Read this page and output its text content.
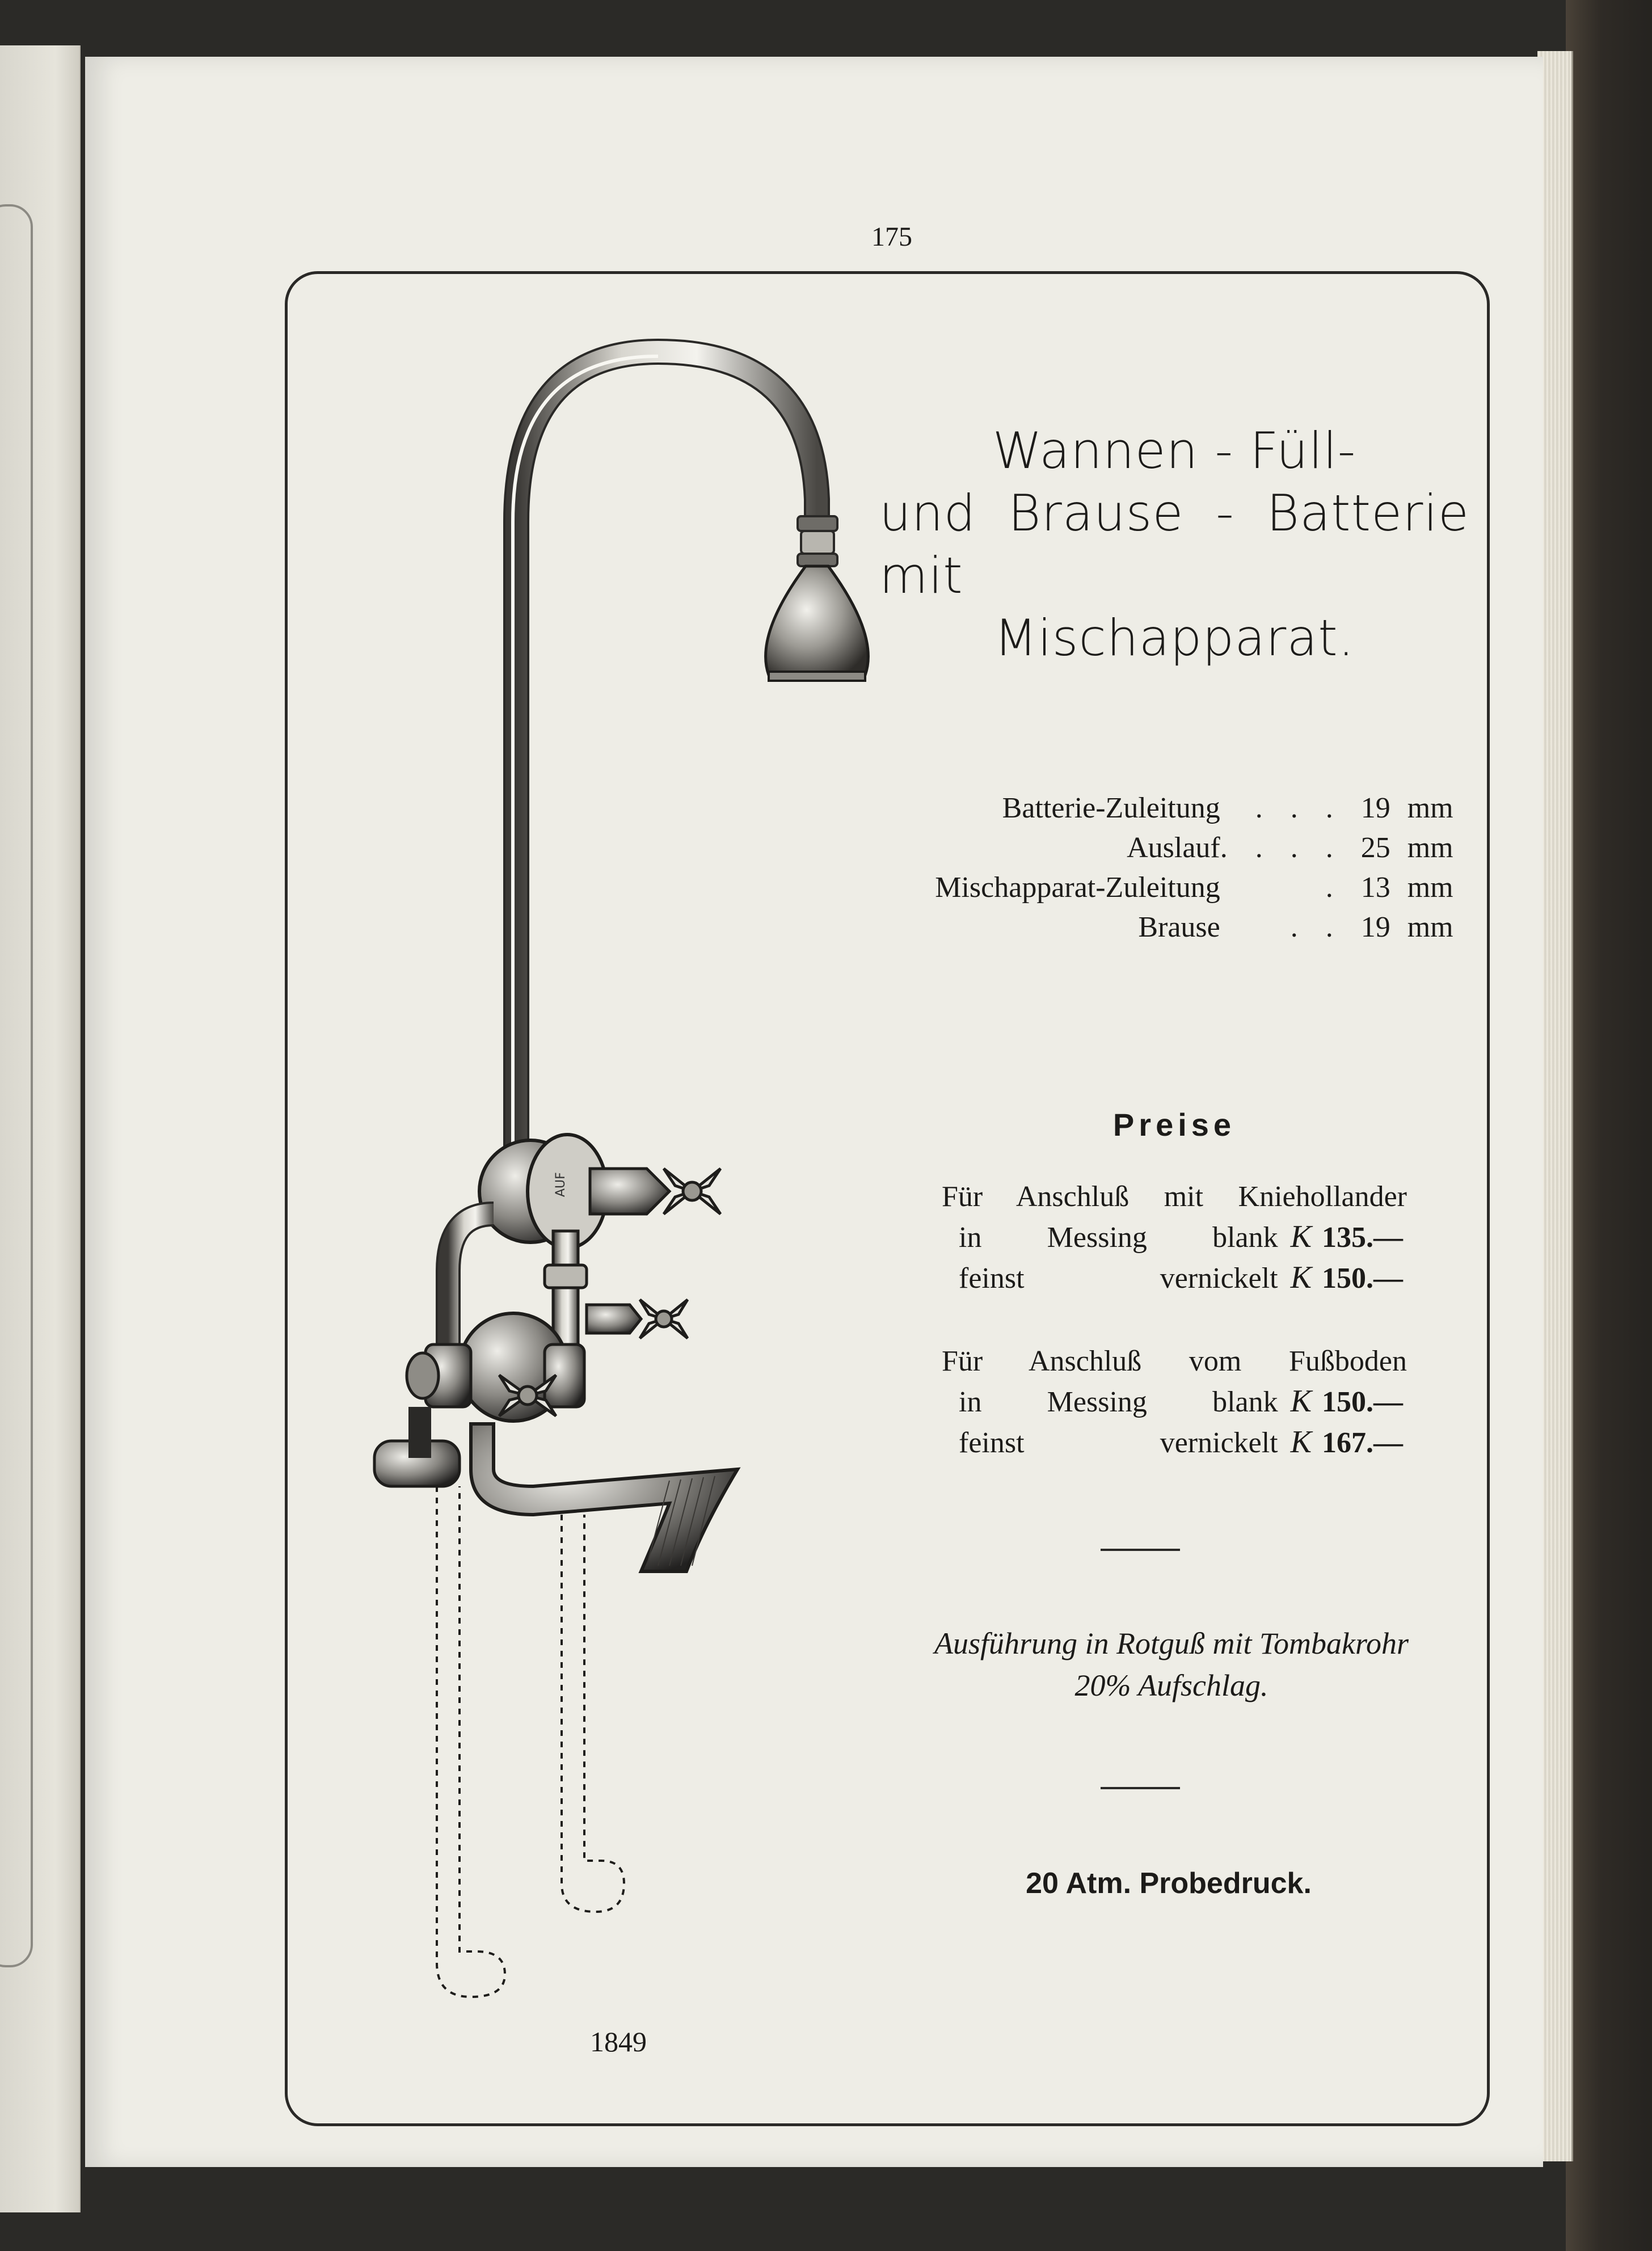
175
AUF
Wannen - Füll-
und Brause - Batterie mit
Mischapparat.
Batterie-Zuleitung	. . .	19	mm
Auslauf	. . . .	25	mm
Mischapparat-Zuleitung	.	13	mm
Brause	. .	19	mm
Preise
Für Anschluß mit Kniehollander
in Messing blank K 135.—
feinst vernickelt K 150.—
Für Anschluß vom Fußboden
in Messing blank K 150.—
feinst vernickelt K 167.—
Ausführung in Rotguß mit Tombakrohr
20% Aufschlag.
20 Atm. Probedruck.
1849
